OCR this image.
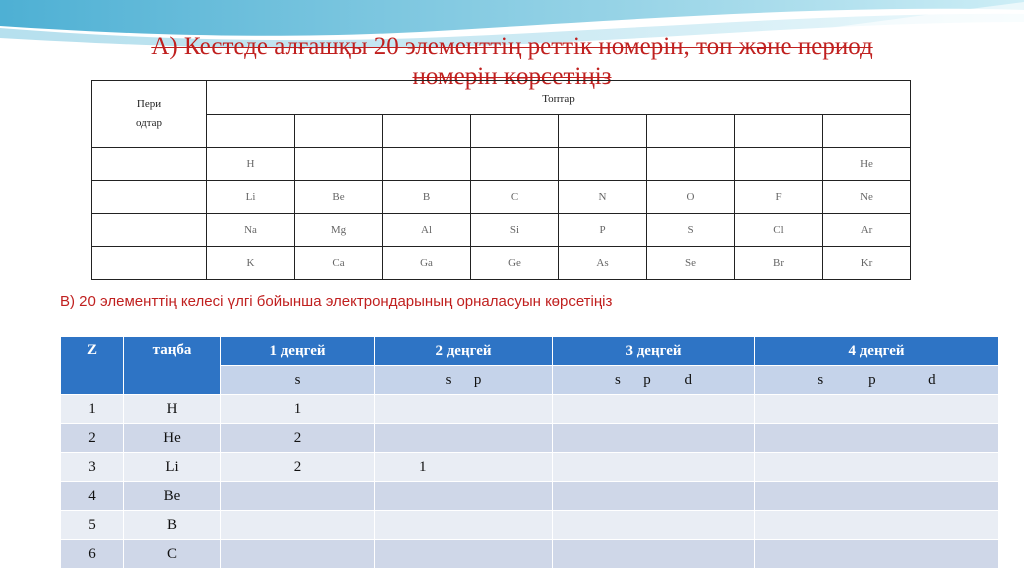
А) Кестеде алғашқы 20 элементтің реттік номерін, топ және период
номерін көрсетіңіз
Пери
одтар	Топтар							

	H							He
	Li	Be	B	C	N	O	F	Ne
	Na	Mg	Al	Si	P	S	Cl	Ar
	K	Ca	Ga	Ge	As	Se	Br	Kr
В) 20 элементтің келесі үлгі бойынша электрондарының орналасуын көрсетіңіз
Z	таңба	1 деңгей	2 деңгей	3 деңгей	4 деңгей
		s	s      p	s      p         d	s            p              d
1	H	1			
2	He	2			
3	Li	2	1		
4	Be				
5	B				
6	C				
